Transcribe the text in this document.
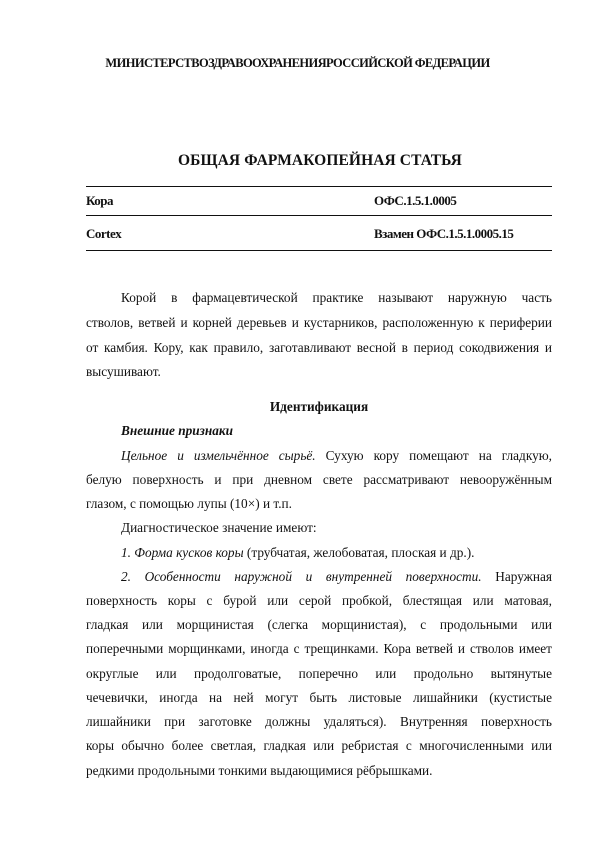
МИНИСТЕРСТВОЗДРАВООХРАНЕНИЯРОССИЙСКОЙ ФЕДЕРАЦИИ
ОБЩАЯ ФАРМАКОПЕЙНАЯ СТАТЬЯ
Кора	ОФС.1.5.1.0005
Cortex	Взамен ОФС.1.5.1.0005.15
Корой в фармацевтической практике называют наружную часть
стволов, ветвей и корней деревьев и кустарников, расположенную к периферии
от камбия. Кору, как правило, заготавливают весной в период сокодвижения и
высушивают.
Идентификация
Внешние признаки
Цельное и измельчённое сырьё. Сухую кору помещают на гладкую,
белую поверхность и при дневном свете рассматривают невооружённым
глазом, с помощью лупы (10×) и т.п.
Диагностическое значение имеют:
1. Форма кусков коры (трубчатая, желобоватая, плоская и др.).
2. Особенности наружной и внутренней поверхности. Наружная
поверхность коры с бурой или серой пробкой, блестящая или матовая,
гладкая или морщинистая (слегка морщинистая), с продольными или
поперечными морщинками, иногда с трещинками. Кора ветвей и стволов имеет
округлые или продолговатые, поперечно или продольно вытянутые
чечевички, иногда на ней могут быть листовые лишайники (кустистые
лишайники при заготовке должны удаляться). Внутренняя поверхность
коры обычно более светлая, гладкая или ребристая с многочисленными или
редкими продольными тонкими выдающимися рёбрышками.
